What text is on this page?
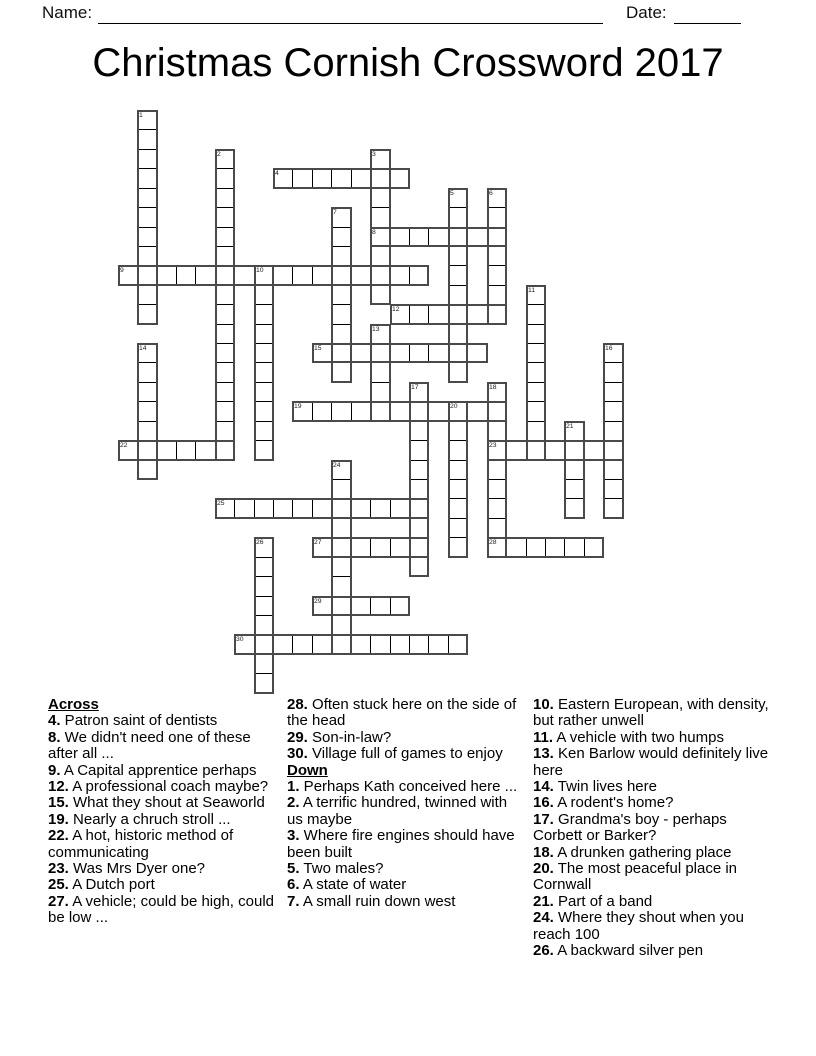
Name:	Date:
Christmas Cornish Crossword 2017
4
8
9
12
15
19
22	23
25
27	28
29
30
1
2	3
5	6
7
10
11
13
14	16
17	18
20
21
24
26
Across
4. Patron saint of dentists
8. We didn't need one of these after all ...
9. A Capital apprentice perhaps
12. A professional coach maybe?
15. What they shout at Seaworld
19. Nearly a chruch stroll ...
22. A hot, historic method of communicating
23. Was Mrs Dyer one?
25. A Dutch port
27. A vehicle; could be high, could be low ...
28. Often stuck here on the side of the head
29. Son-in-law?
30. Village full of games to enjoy
Down
1. Perhaps Kath conceived here ...
2. A terrific hundred, twinned with us maybe
3. Where fire engines should have been built
5. Two males?
6. A state of water
7. A small ruin down west
10. Eastern European, with density, but rather unwell
11. A vehicle with two humps
13. Ken Barlow would definitely live here
14. Twin lives here
16. A rodent's home?
17. Grandma's boy - perhaps Corbett or Barker?
18. A drunken gathering place
20. The most peaceful place in Cornwall
21. Part of a band
24. Where they shout when you reach 100
26. A backward silver pen
